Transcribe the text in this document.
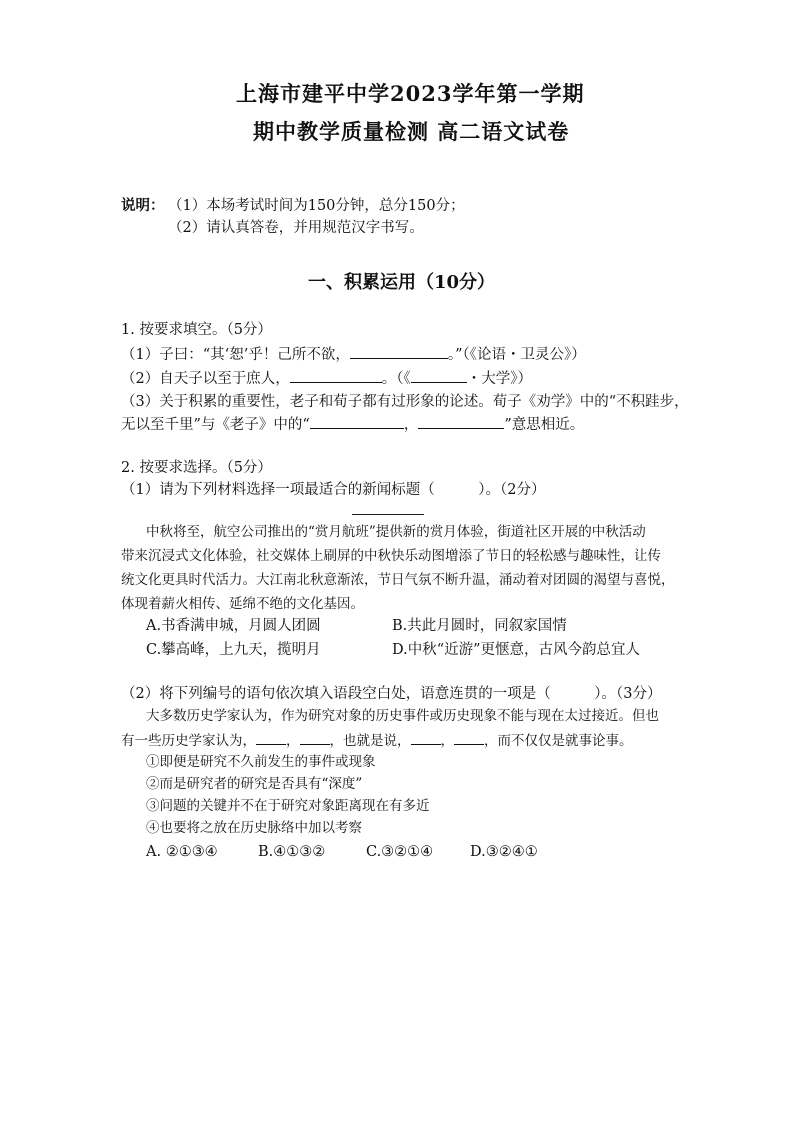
上海市建平中学2023学年第一学期
期中教学质量检测 高二语文试卷
说明： （1）本场考试时间为150分钟，总分150分；
（2）请认真答卷，并用规范汉字书写。
一、积累运用（10分）
1. 按要求填空。（5分）
（1）子曰：“其‘恕’乎！己所不欲，	。”（《论语・卫灵公》）
（2）自天子以至于庶人，	。（《	・大学》）
（3）关于积累的重要性，老子和荀子都有过形象的论述。荀子《劝学》中的“不积跬步，
无以至千里”与《老子》中的“	，	”意思相近。
2. 按要求选择。（5分）
（1）请为下列材料选择一项最适合的新闻标题（　　　）。（2分）
中秋将至，航空公司推出的“赏月航班”提供新的赏月体验，街道社区开展的中秋活动
带来沉浸式文化体验，社交媒体上刷屏的中秋快乐动图增添了节日的轻松感与趣味性，让传
统文化更具时代活力。大江南北秋意渐浓，节日气氛不断升温，涌动着对团圆的渴望与喜悦，
体现着薪火相传、延绵不绝的文化基因。
A.书香满申城，月圆人团圆	B.共此月圆时，同叙家国情
C.攀高峰，上九天，揽明月	D.中秋“近游”更惬意，古风今韵总宜人
（2）将下列编号的语句依次填入语段空白处，语意连贯的一项是（　　　）。（3分）
大多数历史学家认为，作为研究对象的历史事件或历史现象不能与现在太过接近。但也
有一些历史学家认为， ， ，也就是说， ， ，而不仅仅是就事论事。
①即便是研究不久前发生的事件或现象
②而是研究者的研究是否具有“深度”
③问题的关键并不在于研究对象距离现在有多近
④也要将之放在历史脉络中加以考察
A. ②①③④	B.④①③②	C.③②①④	D.③②④①
